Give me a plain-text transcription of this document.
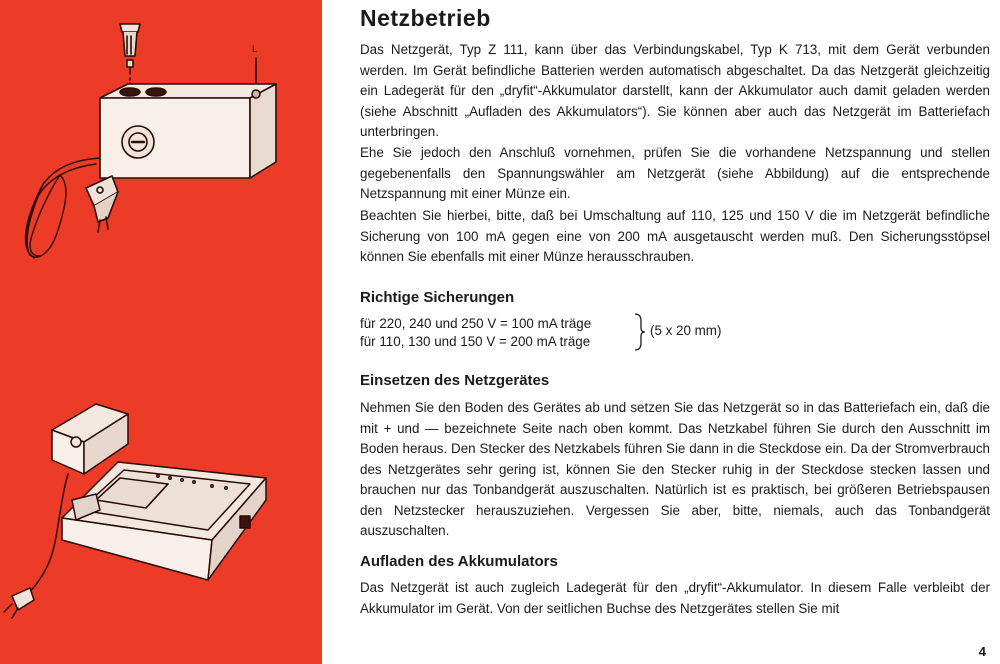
L
Netzbetrieb

Das Netzgerät, Typ Z 111, kann über das Verbindungskabel, Typ K 713, mit dem Gerät verbunden werden. Im Gerät befindliche Batterien werden automatisch abgeschaltet. Da das Netzgerät gleichzeitig ein Ladegerät für den „dryfit“-Akkumulator darstellt, kann der Akkumulator auch damit geladen werden (siehe Abschnitt „Aufladen des Akkumulators“). Sie können aber auch das Netzgerät im Batteriefach unterbringen.

Ehe Sie jedoch den Anschluß vornehmen, prüfen Sie die vorhandene Netzspannung und stellen gegebenenfalls den Spannungswähler am Netzgerät (siehe Abbildung) auf die entsprechende Netzspannung mit einer Münze ein.

Beachten Sie hierbei, bitte, daß bei Umschaltung auf 110, 125 und 150 V die im Netzgerät befindliche Sicherung von 100 mA gegen eine von 200 mA ausgetauscht werden muß. Den Sicherungsstöpsel können Sie ebenfalls mit einer Münze herausschrauben.

Richtige Sicherungen

für 220, 240 und 250 V = 100 mA träge

für 110, 130 und 150 V = 200 mA träge

(5 x 20 mm)

Einsetzen des Netzgerätes

Nehmen Sie den Boden des Gerätes ab und setzen Sie das Netzgerät so in das Batteriefach ein, daß die mit + und — bezeichnete Seite nach oben kommt. Das Netzkabel führen Sie durch den Ausschnitt im Boden heraus. Den Stecker des Netzkabels führen Sie dann in die Steckdose ein. Da der Stromverbrauch des Netzgerätes sehr gering ist, können Sie den Stecker ruhig in der Steckdose stecken lassen und brauchen nur das Tonbandgerät auszuschalten. Natürlich ist es praktisch, bei größeren Betriebspausen den Netzstecker herauszuziehen. Vergessen Sie aber, bitte, niemals, auch das Tonbandgerät auszuschalten.

Aufladen des Akkumulators

Das Netzgerät ist auch zugleich Ladegerät für den „dryfit“-Akkumulator. In diesem Falle verbleibt der Akkumulator im Gerät. Von der seitlichen Buchse des Netzgerätes stellen Sie mit

4
